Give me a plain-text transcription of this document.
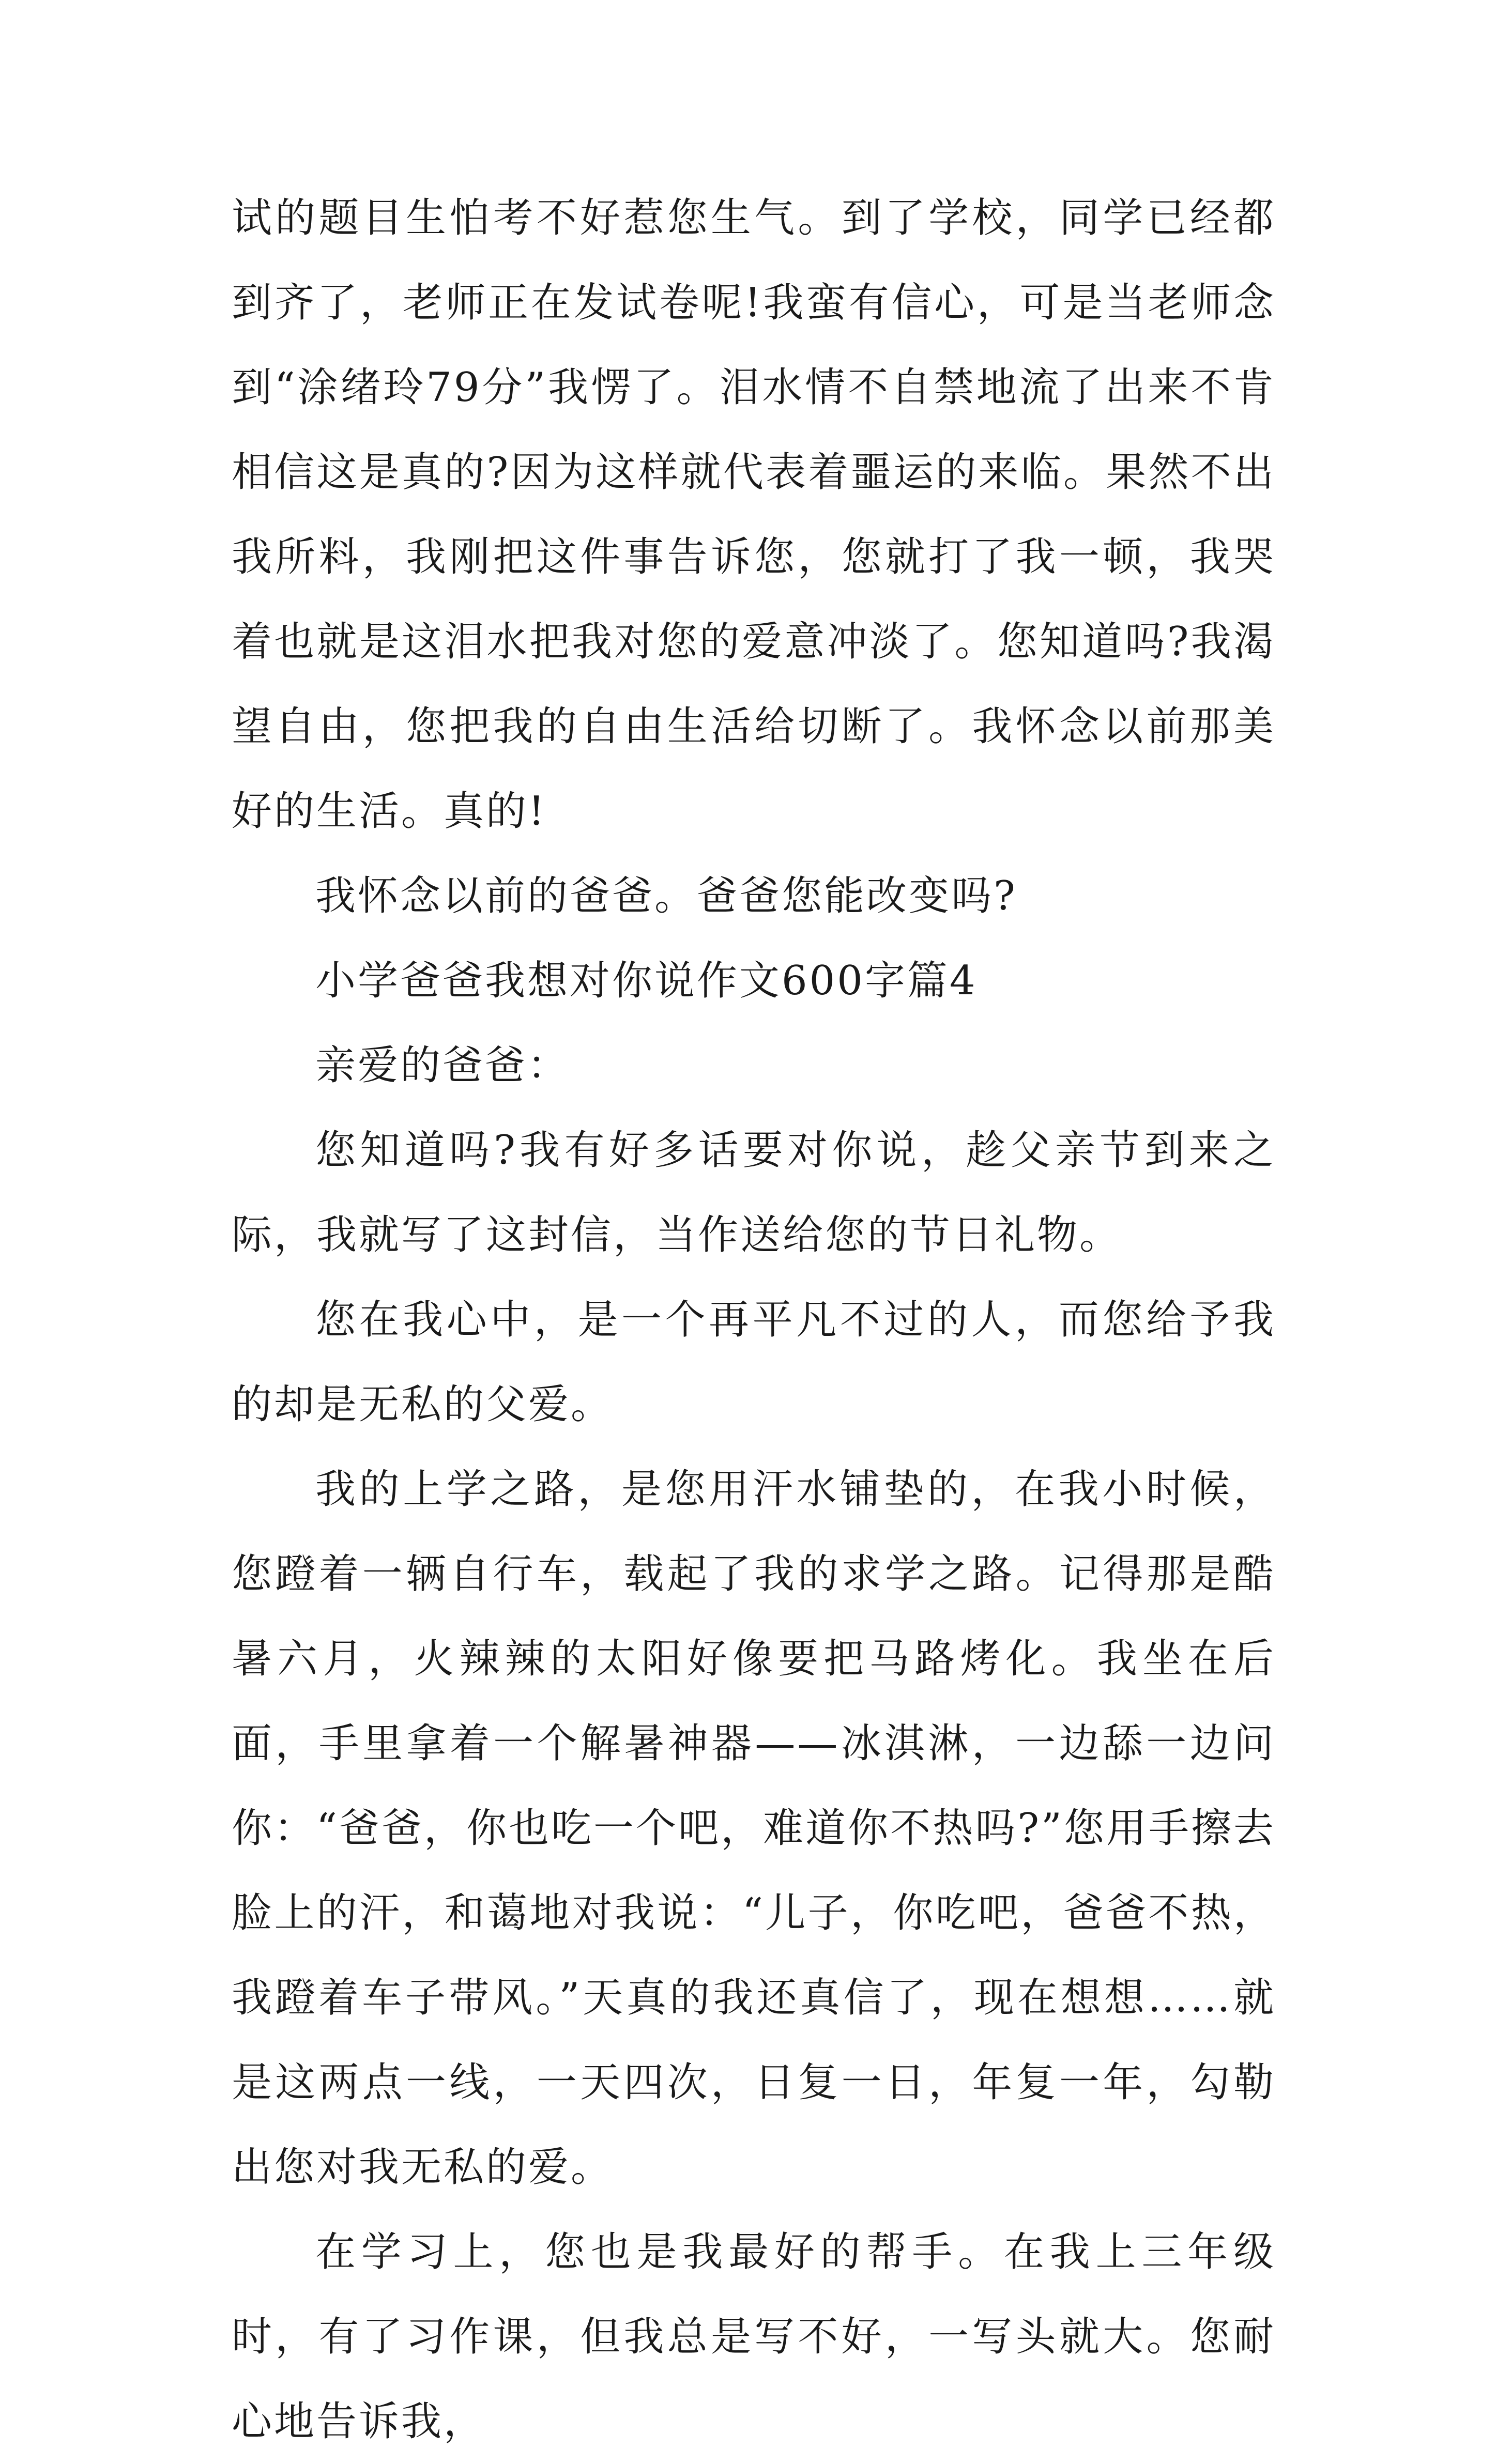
试的题目生怕考不好惹您生气。到了学校，同学已经都到齐了，老师正在发试卷呢!我蛮有信心，可是当老师念到“涂绪玲79分”我愣了。泪水情不自禁地流了出来不肯相信这是真的?因为这样就代表着噩运的来临。果然不出我所料，我刚把这件事告诉您，您就打了我一顿，我哭着也就是这泪水把我对您的爱意冲淡了。您知道吗?我渴望自由，您把我的自由生活给切断了。我怀念以前那美好的生活。真的!

我怀念以前的爸爸。爸爸您能改变吗?

小学爸爸我想对你说作文600字篇4

亲爱的爸爸：

您知道吗?我有好多话要对你说，趁父亲节到来之际，我就写了这封信，当作送给您的节日礼物。

您在我心中，是一个再平凡不过的人，而您给予我的却是无私的父爱。

我的上学之路，是您用汗水铺垫的，在我小时候，您蹬着一辆自行车，载起了我的求学之路。记得那是酷暑六月，火辣辣的太阳好像要把马路烤化。我坐在后面，手里拿着一个解暑神器——冰淇淋，一边舔一边问你：“爸爸，你也吃一个吧，难道你不热吗?”您用手擦去脸上的汗，和蔼地对我说：“儿子，你吃吧，爸爸不热，我蹬着车子带风。”天真的我还真信了，现在想想……就是这两点一线，一天四次，日复一日，年复一年，勾勒出您对我无私的爱。

在学习上，您也是我最好的帮手。在我上三年级时，有了习作课，但我总是写不好，一写头就大。您耐心地告诉我，
